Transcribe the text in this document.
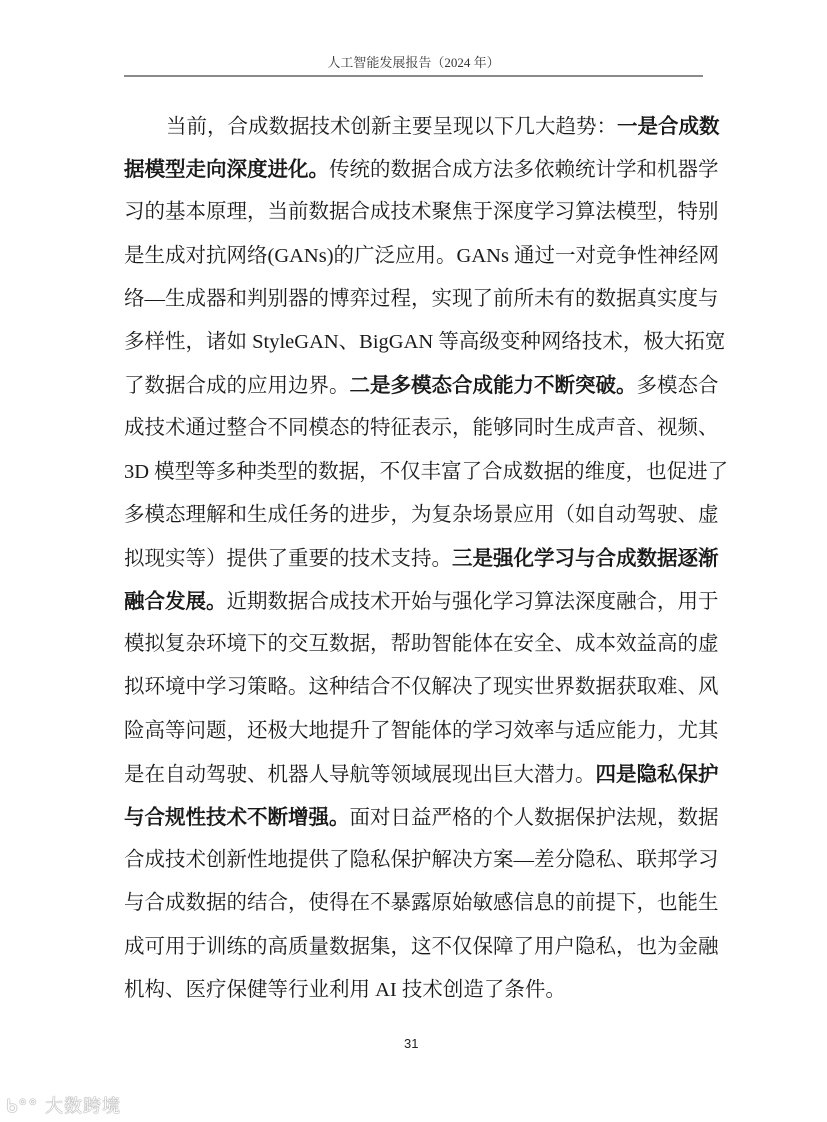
人工智能发展报告（2024 年）
当前，合成数据技术创新主要呈现以下几大趋势：一是合成数
据模型走向深度进化。传统的数据合成方法多依赖统计学和机器学
习的基本原理，当前数据合成技术聚焦于深度学习算法模型，特别
是生成对抗网络(GANs)的广泛应用。GANs 通过一对竞争性神经网
络—生成器和判别器的博弈过程，实现了前所未有的数据真实度与
多样性，诸如 StyleGAN、BigGAN 等高级变种网络技术，极大拓宽
了数据合成的应用边界。二是多模态合成能力不断突破。多模态合
成技术通过整合不同模态的特征表示，能够同时生成声音、视频、
3D 模型等多种类型的数据，不仅丰富了合成数据的维度，也促进了
多模态理解和生成任务的进步，为复杂场景应用（如自动驾驶、虚
拟现实等）提供了重要的技术支持。三是强化学习与合成数据逐渐
融合发展。近期数据合成技术开始与强化学习算法深度融合，用于
模拟复杂环境下的交互数据，帮助智能体在安全、成本效益高的虚
拟环境中学习策略。这种结合不仅解决了现实世界数据获取难、风
险高等问题，还极大地提升了智能体的学习效率与适应能力，尤其
是在自动驾驶、机器人导航等领域展现出巨大潜力。四是隐私保护
与合规性技术不断增强。面对日益严格的个人数据保护法规，数据
合成技术创新性地提供了隐私保护解决方案—差分隐私、联邦学习
与合成数据的结合，使得在不暴露原始敏感信息的前提下，也能生
成可用于训练的高质量数据集，这不仅保障了用户隐私，也为金融
机构、医疗保健等行业利用 AI 技术创造了条件。
31
ᑲ°° 大数跨境
